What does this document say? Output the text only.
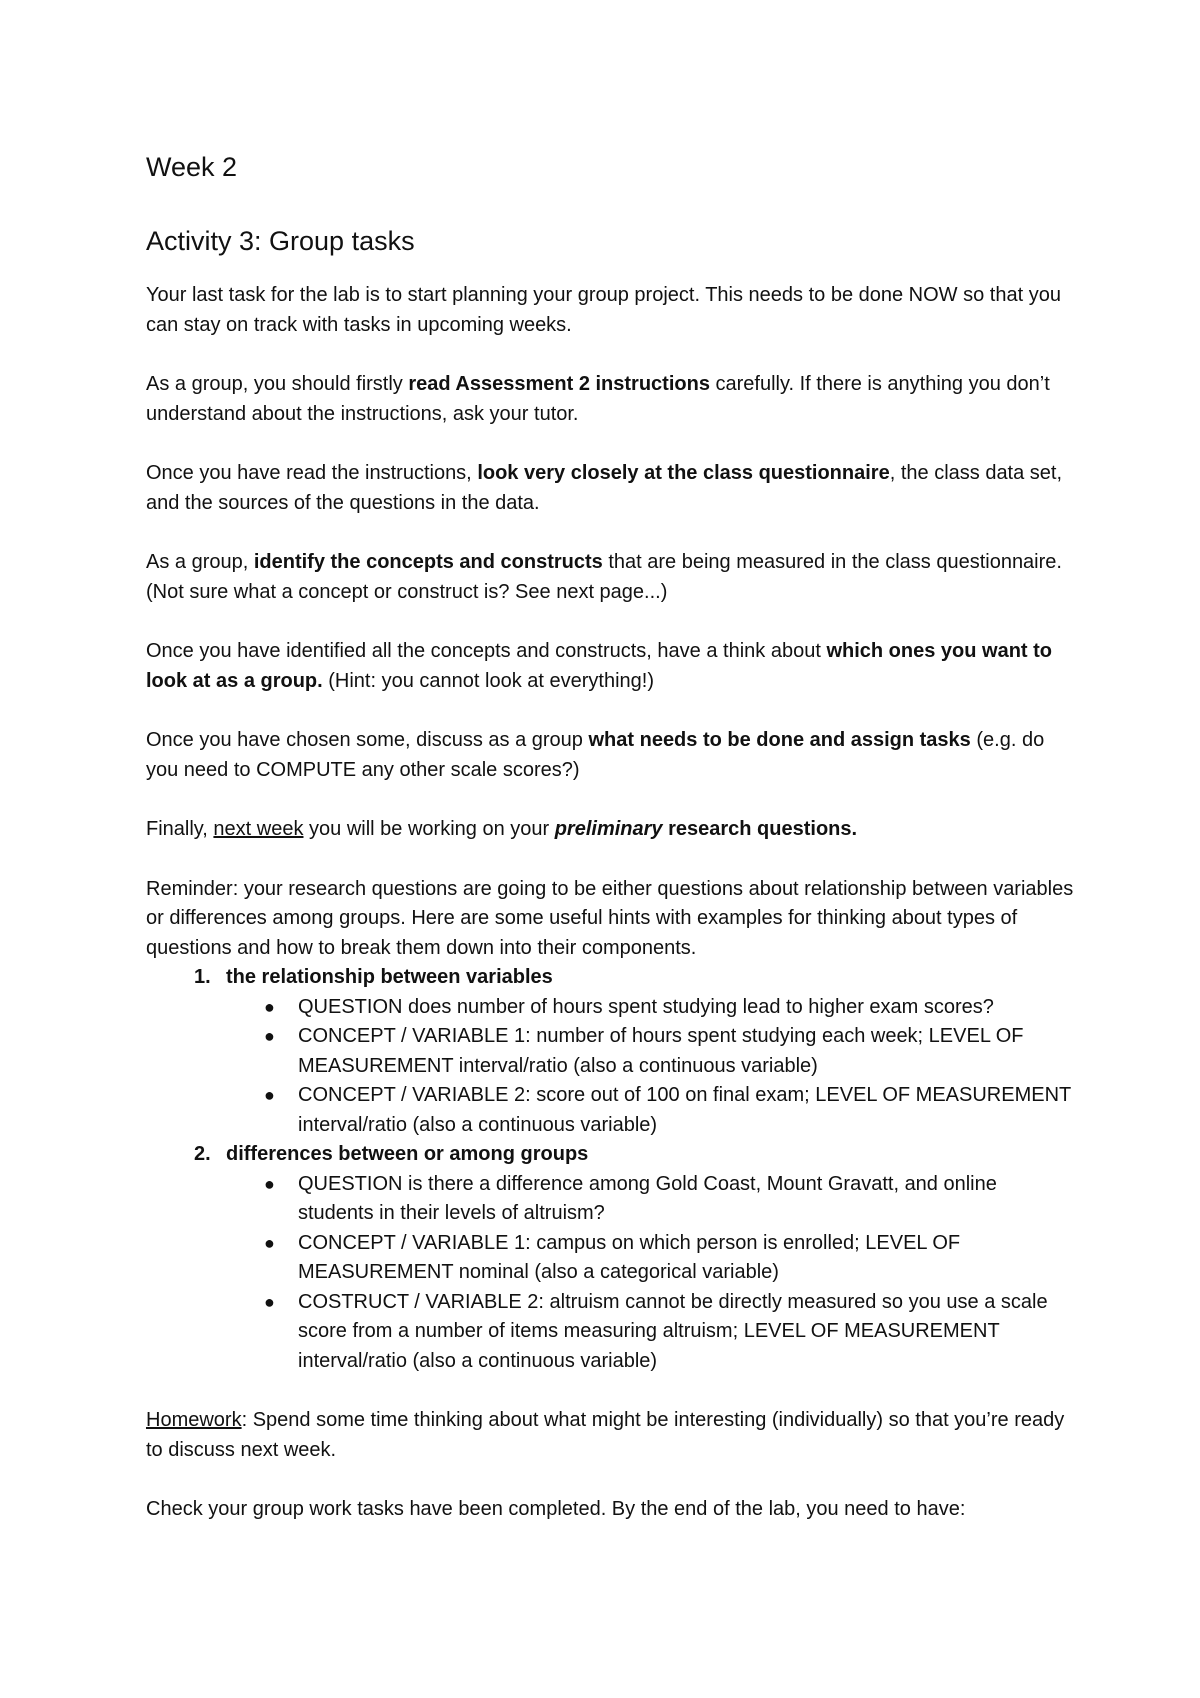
Week 2
Activity 3: Group tasks

Your last task for the lab is to start planning your group project. This needs to be done NOW so that you can stay on track with tasks in upcoming weeks.

As a group, you should firstly read Assessment 2 instructions carefully. If there is anything you don’t understand about the instructions, ask your tutor.

Once you have read the instructions, look very closely at the class questionnaire, the class data set, and the sources of the questions in the data.

As a group, identify the concepts and constructs that are being measured in the class questionnaire. (Not sure what a concept or construct is? See next page...)

Once you have identified all the concepts and constructs, have a think about which ones you want to look at as a group. (Hint: you cannot look at everything!)

Once you have chosen some, discuss as a group what needs to be done and assign tasks (e.g. do you need to COMPUTE any other scale scores?)

Finally, next week you will be working on your preliminary research questions.

Reminder: your research questions are going to be either questions about relationship between variables or differences among groups. Here are some useful hints with examples for thinking about types of questions and how to break them down into their components.

1. the relationship between variables
● QUESTION does number of hours spent studying lead to higher exam scores?
● CONCEPT / VARIABLE 1: number of hours spent studying each week; LEVEL OF MEASUREMENT interval/ratio (also a continuous variable)
● CONCEPT / VARIABLE 2: score out of 100 on final exam; LEVEL OF MEASUREMENT interval/ratio (also a continuous variable)
2. differences between or among groups
● QUESTION is there a difference among Gold Coast, Mount Gravatt, and online students in their levels of altruism?
● CONCEPT / VARIABLE 1: campus on which person is enrolled; LEVEL OF MEASUREMENT nominal (also a categorical variable)
● COSTRUCT / VARIABLE 2: altruism cannot be directly measured so you use a scale score from a number of items measuring altruism; LEVEL OF MEASUREMENT interval/ratio (also a continuous variable)

Homework: Spend some time thinking about what might be interesting (individually) so that you’re ready to discuss next week.

Check your group work tasks have been completed. By the end of the lab, you need to have:
